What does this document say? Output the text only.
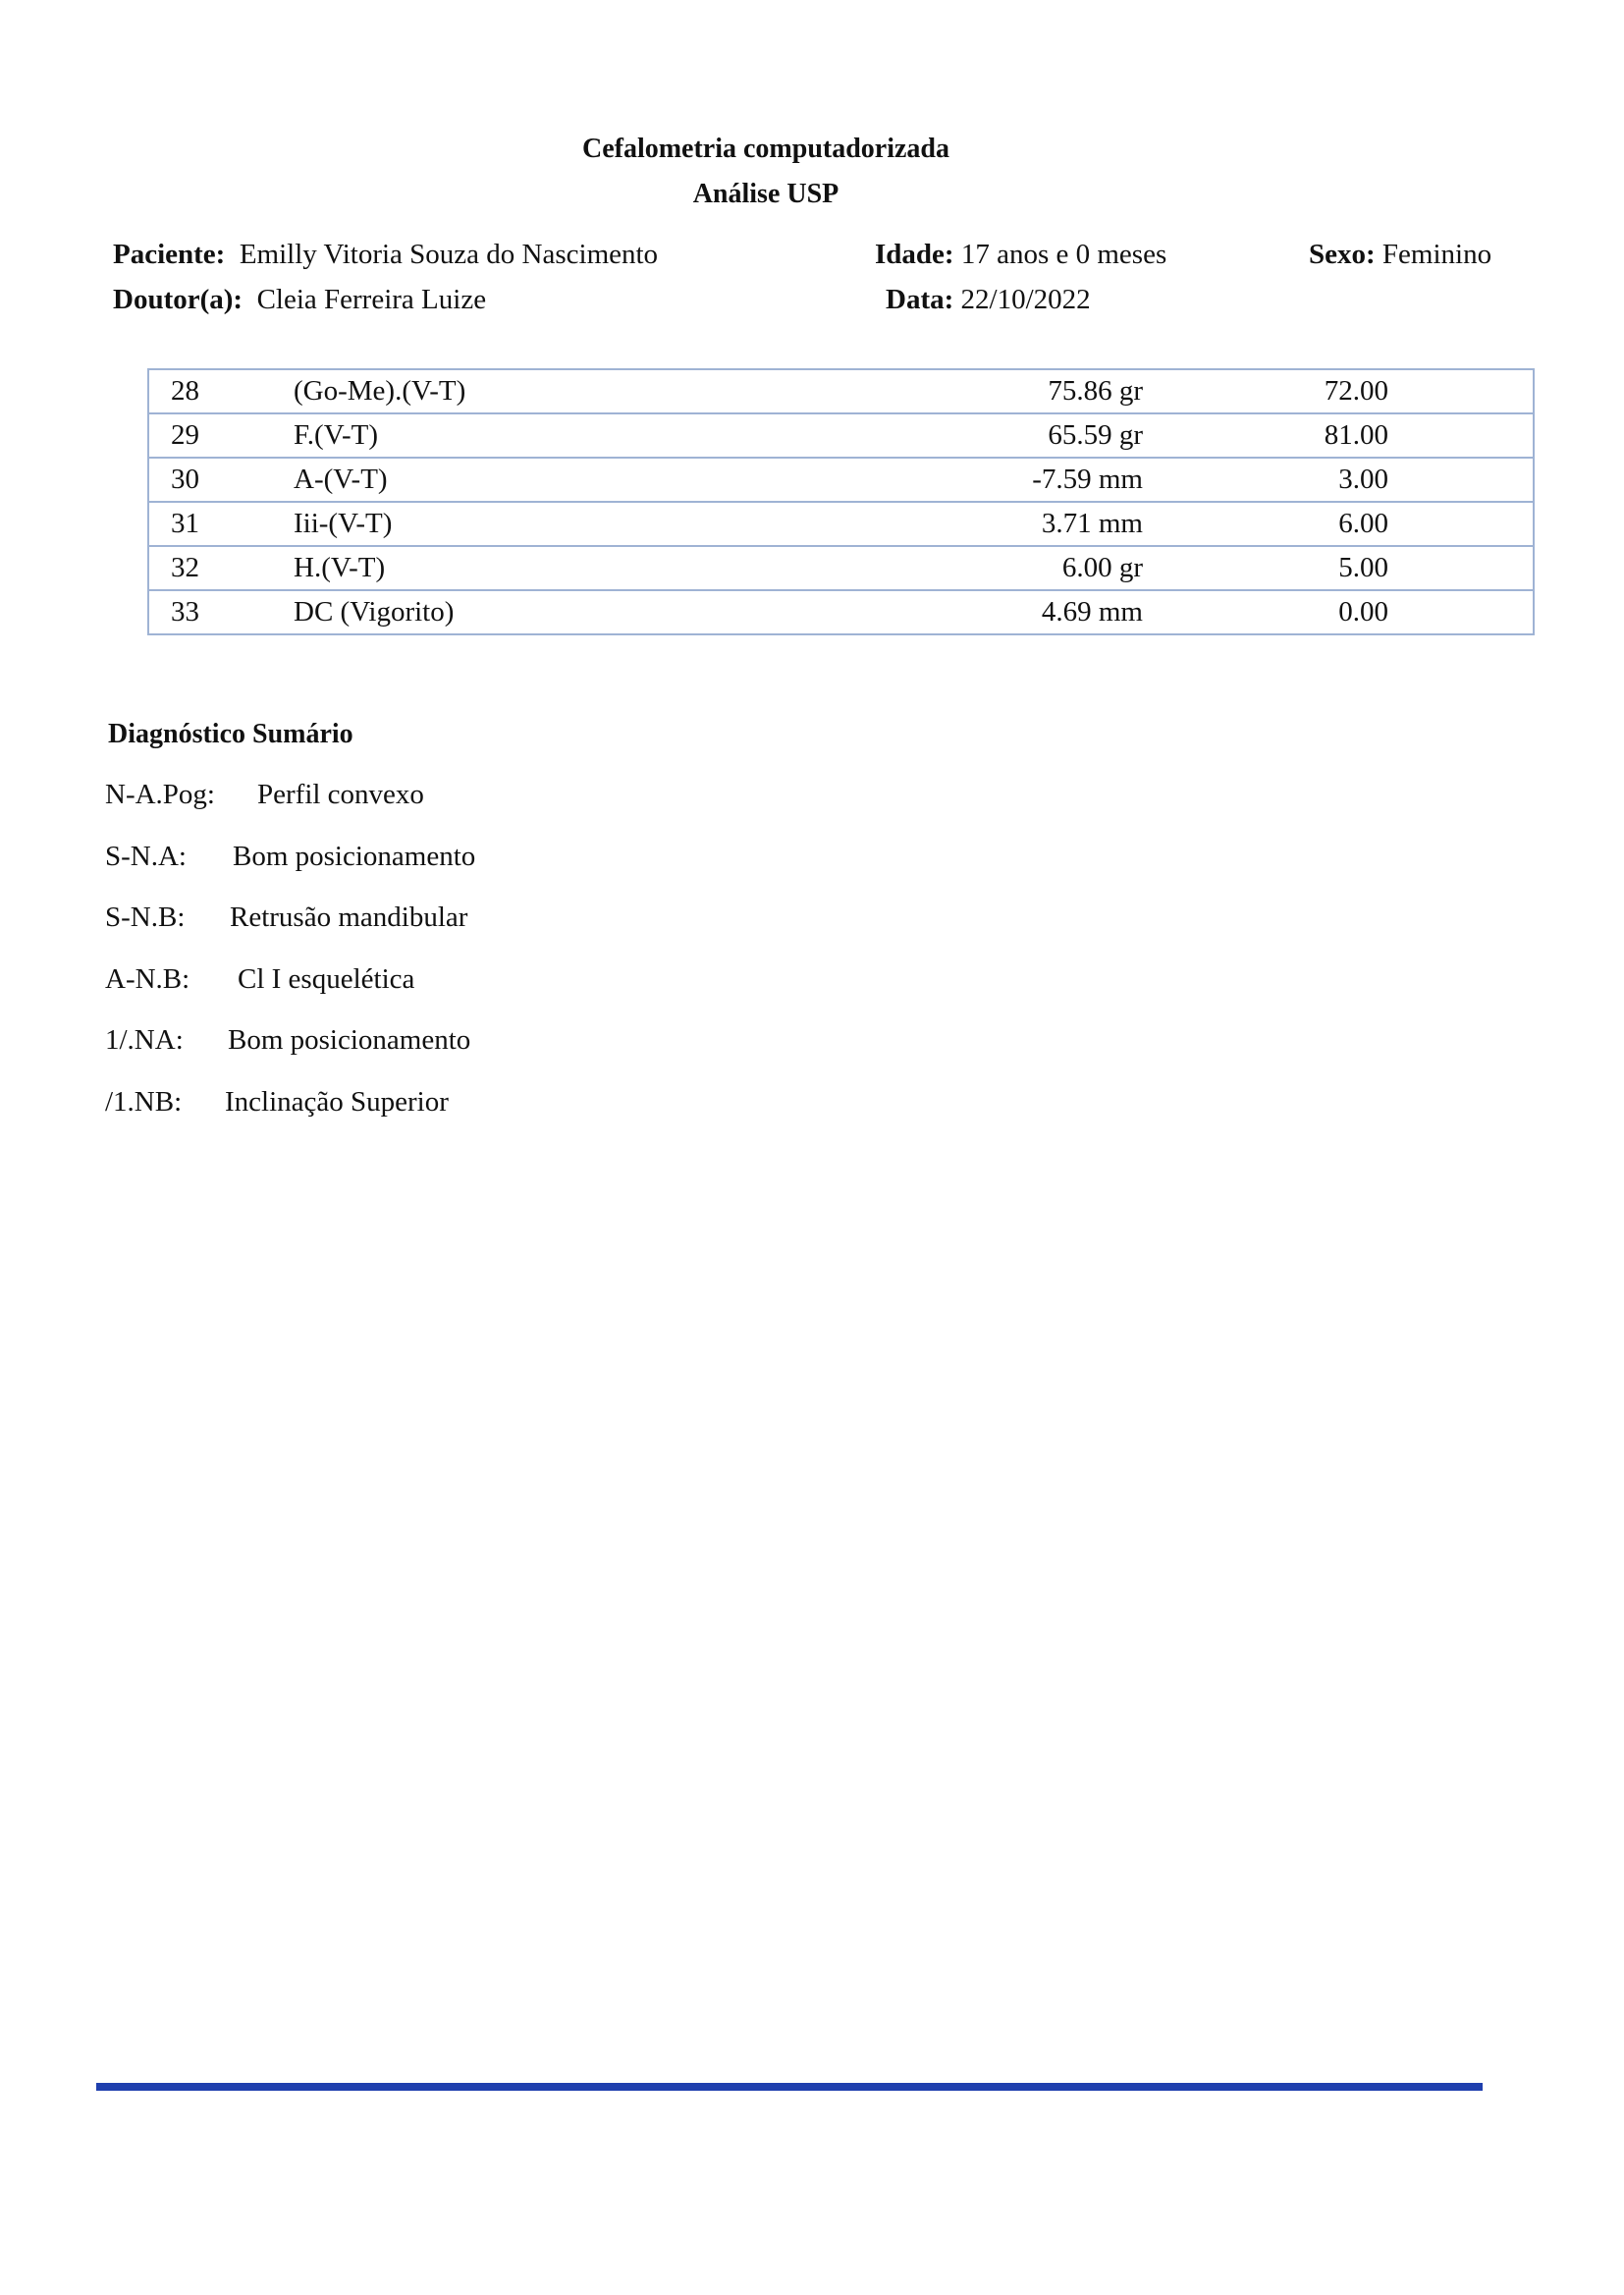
Cefalometria computadorizada
Análise USP
Paciente: Emilly Vitoria Souza do Nascimento	Idade: 17 anos e 0 meses	Sexo: Feminino
Doutor(a): Cleia Ferreira Luize	Data: 22/10/2022
28	(Go-Me).(V-T)	75.86 gr	72.00	
29	F.(V-T)	65.59 gr	81.00	
30	A-(V-T)	-7.59 mm	3.00	
31	Iii-(V-T)	3.71 mm	6.00	
32	H.(V-T)	6.00 gr	5.00	
33	DC (Vigorito)	4.69 mm	0.00	
Diagnóstico Sumário
N-A.Pog: Perfil convexo
S-N.A: Bom posicionamento
S-N.B: Retrusão mandibular
A-N.B: Cl I esquelética
1/.NA: Bom posicionamento
/1.NB: Inclinação Superior
